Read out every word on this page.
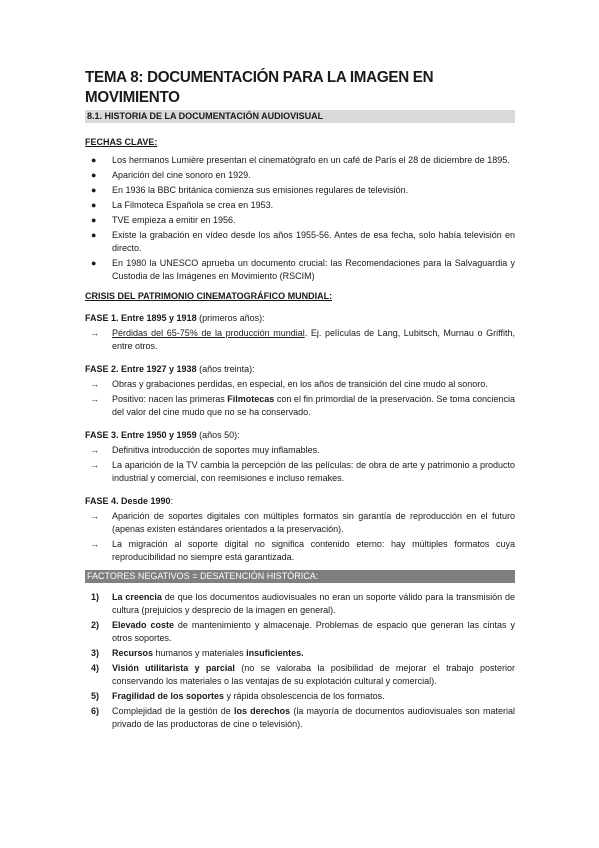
TEMA 8: DOCUMENTACIÓN PARA LA IMAGEN EN MOVIMIENTO
8.1. HISTORIA DE LA DOCUMENTACIÓN AUDIOVISUAL
FECHAS CLAVE:
● Los hermanos Lumière presentan el cinematógrafo en un café de París el 28 de diciembre de 1895.
● Aparición del cine sonoro en 1929.
● En 1936 la BBC británica comienza sus emisiones regulares de televisión.
● La Filmoteca Española se crea en 1953.
● TVE empieza a emitir en 1956.
● Existe la grabación en vídeo desde los años 1955-56. Antes de esa fecha, solo había televisión en directo.
● En 1980 la UNESCO aprueba un documento crucial: las Recomendaciones para la Salvaguardia y Custodia de las Imágenes en Movimiento (RSCIM)
CRISIS DEL PATRIMONIO CINEMATOGRÁFICO MUNDIAL:
FASE 1. Entre 1895 y 1918 (primeros años):
→ Pérdidas del 65-75% de la producción mundial. Ej. películas de Lang, Lubitsch, Murnau o Griffith, entre otros.
FASE 2. Entre 1927 y 1938 (años treinta):
→ Obras y grabaciones perdidas, en especial, en los años de transición del cine mudo al sonoro.
→ Positivo: nacen las primeras Filmotecas con el fin primordial de la preservación. Se toma conciencia del valor del cine mudo que no se ha conservado.
FASE 3. Entre 1950 y 1959 (años 50):
→ Definitiva introducción de soportes muy inflamables.
→ La aparición de la TV cambia la percepción de las películas: de obra de arte y patrimonio a producto industrial y comercial, con reemisiones e incluso remakes.
FASE 4. Desde 1990:
→ Aparición de soportes digitales con múltiples formatos sin garantía de reproducción en el futuro (apenas existen estándares orientados a la preservación).
→ La migración al soporte digital no significa contenido eterno: hay múltiples formatos cuya reproducibilidad no siempre está garantizada.
FACTORES NEGATIVOS = DESATENCIÓN HISTÓRICA:
1) La creencia de que los documentos audiovisuales no eran un soporte válido para la transmisión de cultura (prejuicios y desprecio de la imagen en general).
2) Elevado coste de mantenimiento y almacenaje. Problemas de espacio que generan las cintas y otros soportes.
3) Recursos humanos y materiales insuficientes.
4) Visión utilitarista y parcial (no se valoraba la posibilidad de mejorar el trabajo posterior conservando los materiales o las ventajas de su explotación cultural y comercial).
5) Fragilidad de los soportes y rápida obsolescencia de los formatos.
6) Complejidad de la gestión de los derechos (la mayoría de documentos audiovisuales son material privado de las productoras de cine o televisión).
